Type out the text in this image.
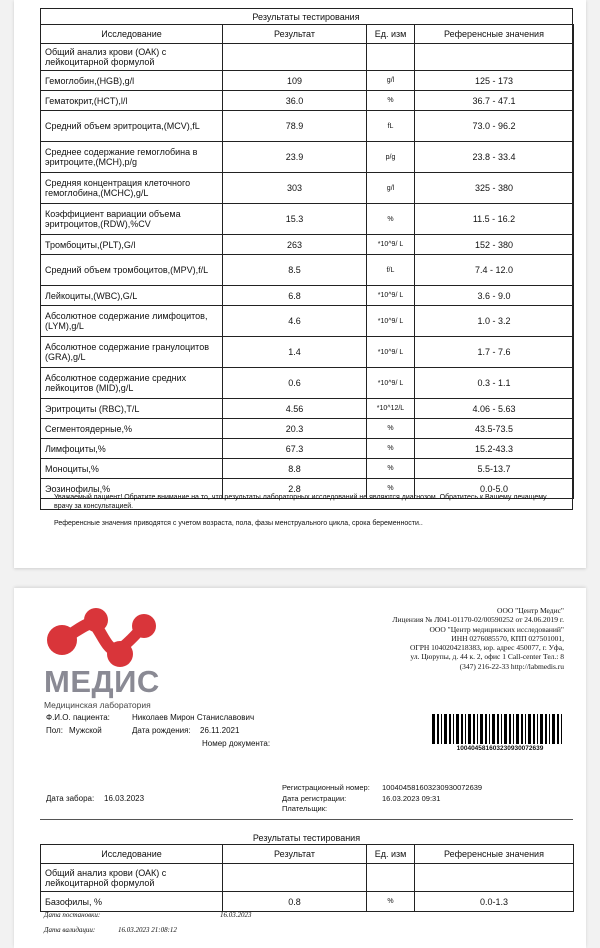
Результаты тестирования
Исследование	Результат	Ед. изм	Референсные значения
Общий анализ крови (ОАК) с лейкоцитарной формулой			
Гемоглобин,(HGB),g/l	109	g/l	125 - 173
Гематокрит,(HCT),l/l	36.0	%	36.7 - 47.1
Средний объем эритроцита,(MCV),fL	78.9	fL	73.0 - 96.2
Среднее содержание гемоглобина в эритроците,(MCH),p/g	23.9	p/g	23.8 - 33.4
Средняя концентрация клеточного гемоглобина,(MCHC),g/L	303	g/l	325 - 380
Коэффициент вариации объема эритроцитов,(RDW),%CV	15.3	%	11.5 - 16.2
Тромбоциты,(PLT),G/l	263	*10^9/ L	152 - 380
Средний объем тромбоцитов,(MPV),f/L	8.5	f/L	7.4 - 12.0
Лейкоциты,(WBC),G/L	6.8	*10^9/ L	3.6 - 9.0
Абсолютное содержание лимфоцитов,(LYM),g/L	4.6	*10^9/ L	1.0 - 3.2
Абсолютное содержание гранулоцитов (GRA),g/L	1.4	*10^9/ L	1.7 - 7.6
Абсолютное содержание средних лейкоцитов (MID),g/L	0.6	*10^9/ L	0.3 - 1.1
Эритроциты (RBC),T/L	4.56	*10^12/L	4.06 - 5.63
Сегментоядерные,%	20.3	%	43.5-73.5
Лимфоциты,%	67.3	%	15.2-43.3
Моноциты,%	8.8	%	5.5-13.7
Эозинофилы,%	2.8	%	0.0-5.0
Уважаемый пациент! Обратите внимание на то, что результаты лабораторных исследований не являются диагнозом. Обратитесь к Вашему лечащему врачу за консультацией.
Референсные значения приводятся с учетом возраста, пола, фазы менструального цикла, срока беременности..
МЕДИС
Медицинская лаборатория
ООО "Центр Медис"
Лицензия № Л041-01170-02/00590252 от 24.06.2019 г. ООО "Центр медицинских исследований"
ИНН 0276085570, КПП 027501001,
ОГРН 1040204218383, юр. адрес 450077, г. Уфа,
ул. Цюрупы, д. 44 к. 2, офис 1 Call-center Тел.: 8
(347) 216-22-33 http://labmedis.ru
Ф.И.О. пациента:	Николаев Мирон Станиславович
Пол: Мужской	Дата рождения: 26.11.2021
Номер документа:
10040458160323093007263​9
Дата забора: 16.03.2023
Регистрационный номер: 10040458160323093007263​9
Дата регистрации:	16.03.2023 09:31
Плательщик:
Результаты тестирования
Исследование	Результат	Ед. изм	Референсные значения
Общий анализ крови (ОАК) с лейкоцитарной формулой			
Базофилы, %	0.8	%	0.0-1.3
Дата постановки:	16.03.2023
Дата валидации:	16.03.2023 21:08:12
